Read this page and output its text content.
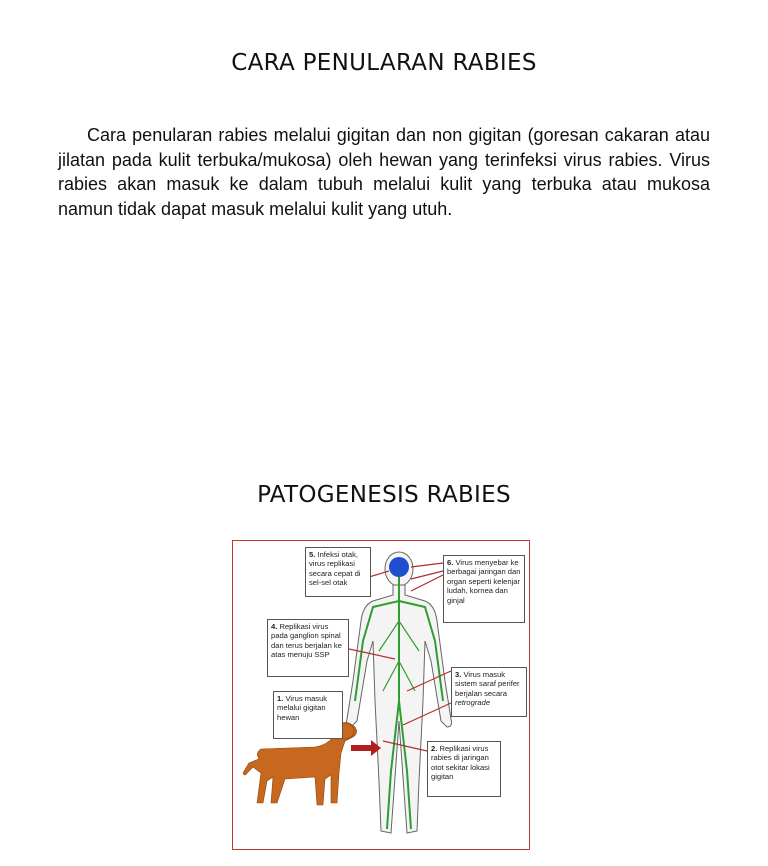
CARA PENULARAN RABIES

Cara penularan rabies melalui gigitan dan non gigitan (goresan cakaran atau jilatan pada kulit terbuka/mukosa) oleh hewan yang terinfeksi virus rabies. Virus rabies akan masuk ke dalam tubuh melalui kulit yang terbuka atau mukosa namun tidak dapat masuk melalui kulit yang utuh.

PATOGENESIS RABIES
5. Infeksi otak, virus replikasi secara cepat di sel-sel otak
6. Virus menyebar ke berbagai jaringan dan organ seperti kelenjar ludah, kornea dan ginjal
4. Replikasi virus pada ganglion spinal dan terus berjalan ke atas menuju SSP
3. Virus masuk sistem saraf perifer berjalan secara retrograde
1. Virus masuk melalui gigitan hewan
2. Replikasi virus rabies di jaringan otot sekitar lokasi gigitan
